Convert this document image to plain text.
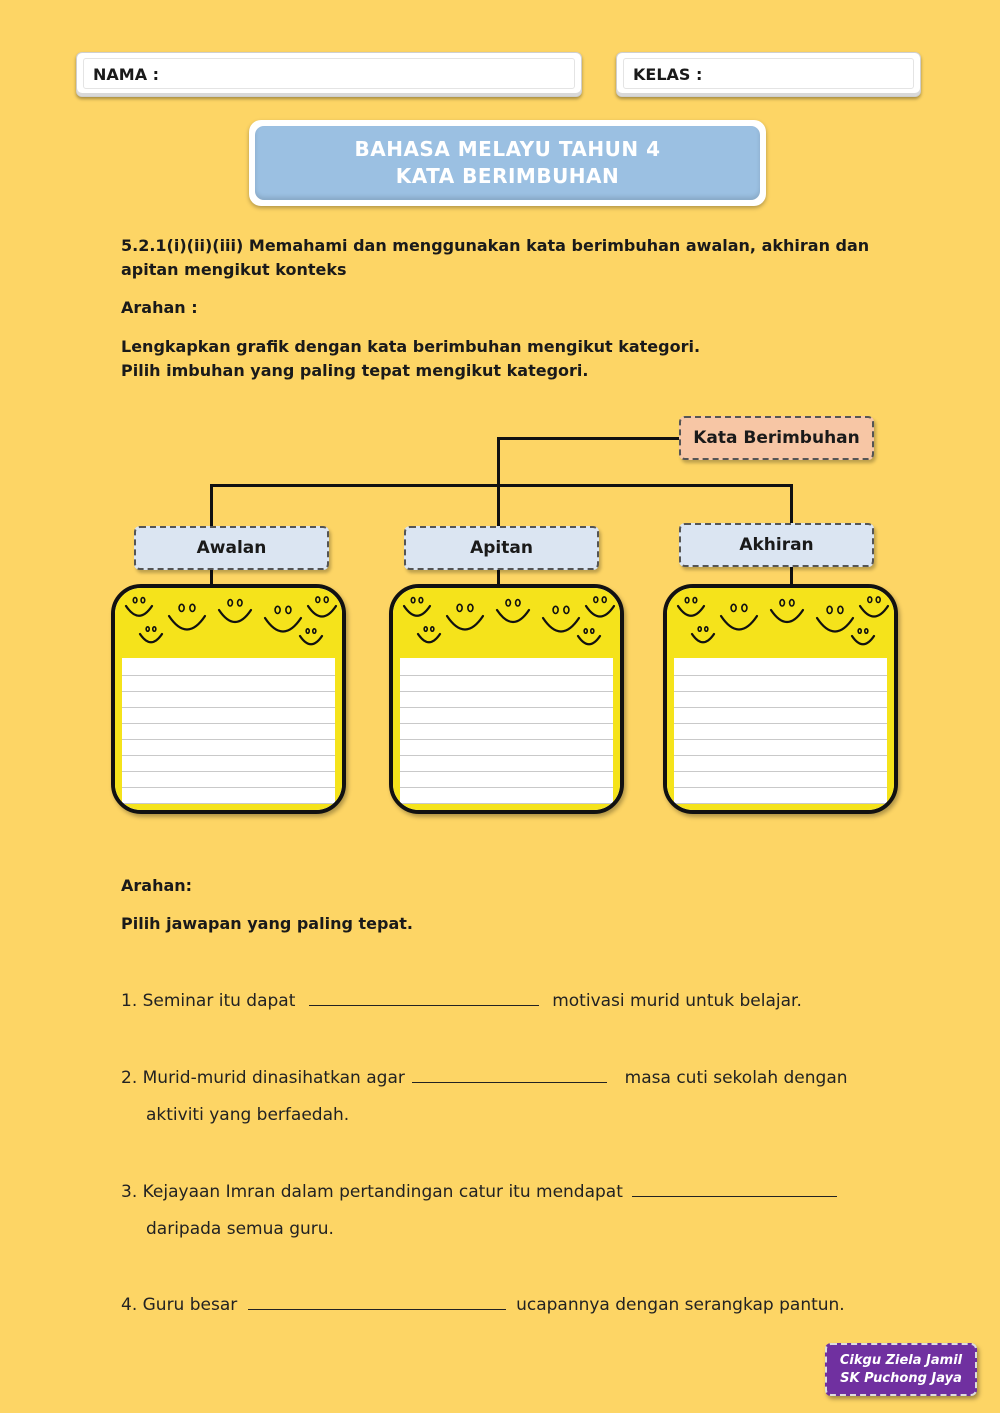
NAMA :	KELAS :
BAHASA MELAYU TAHUN 4
KATA BERIMBUHAN
5.2.1(i)(ii)(iii) Memahami dan menggunakan kata berimbuhan awalan, akhiran dan apitan mengikut konteks
Arahan :
Lengkapkan grafik dengan kata berimbuhan mengikut kategori.
Pilih imbuhan yang paling tepat mengikut kategori.
Kata Berimbuhan
Awalan	Apitan	Akhiran
Arahan:
Pilih jawapan yang paling tepat.
1. Seminar itu dapat	motivasi murid untuk belajar.
2. Murid-murid dinasihatkan agar	masa cuti sekolah dengan
aktiviti yang berfaedah.
3. Kejayaan Imran dalam pertandingan catur itu mendapat
daripada semua guru.
4. Guru besar	ucapannya dengan serangkap pantun.
Cikgu Ziela Jamil
SK Puchong Jaya
